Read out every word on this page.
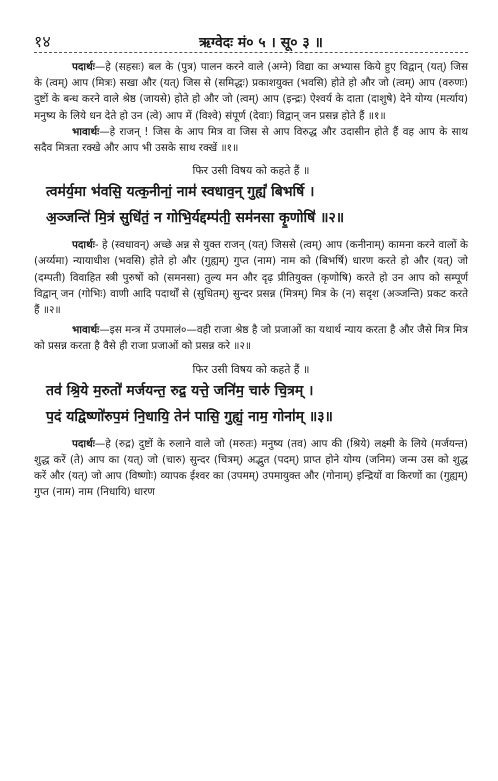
१४	ऋग्वेदः मं० ५ । सू० ३ ॥

पदार्थः—हे (सहसः) बल के (पुत्र) पालन करने वाले (अग्ने) विद्या का अभ्यास किये हुए विद्वान् (यत्) जिस के (त्वम्) आप (मित्रः) सखा और (यत्) जिस से (समिद्धः) प्रकाशयुक्त (भवसि) होते हो और जो (त्वम्) आप (वरुणः) दुष्टों के बन्ध करने वाले श्रेष्ठ (जायसे) होते हो और जो (त्वम्) आप (इन्द्रः) ऐश्वर्य के दाता (दाशुषे) देने योग्य (मर्त्याय) मनुष्य के लिये धन देते हो उन (त्वे) आप में (विश्वे) संपूर्ण (देवाः) विद्वान् जन प्रसन्न होते हैं ॥१॥

भावार्थः—हे राजन् ! जिस के आप मित्र वा जिस से आप विरुद्ध और उदासीन होते हैं वह आप के साथ सदैव मित्रता रक्खे और आप भी उसके साथ रक्खें ॥१॥

फिर उसी विषय को कहते हैं ॥
त्वम॑र्य॒मा भ॑वसि॒ यत्क॒नीनां॒ नाम॑ स्वधाव॒न् गुह्यं॑ बिभर्षि ।
अ॒ञ्जन्ति॑ मि॒त्रं सुधि॑तं॒ न गोभि॒र्यद्दम्प॑ती॒ सम॑नसा कृ॒णोषि॑ ॥२॥

पदार्थः- हे (स्वधावन्) अच्छे अन्न से युक्त राजन् (यत्) जिससे (त्वम्) आप (कनीनाम्) कामना करने वालों के (अर्य्यमा) न्यायाधीश (भवसि) होते हो और (गुह्यम्) गुप्त (नाम) नाम को (बिभर्षि) धारण करते हो और (यत्) जो (दम्पती) विवाहित स्त्री पुरुषों को (समनसा) तुल्य मन और दृढ़ प्रीतियुक्त (कृणोषि) करते हो उन आप को सम्पूर्ण विद्वान् जन (गोभिः) वाणी आदि पदार्थों से (सुधितम्) सुन्दर प्रसन्न (मित्रम्) मित्र के (न) सदृश (अञ्जन्ति) प्रकट करते हैं ॥२॥

भावार्थः—इस मन्त्र में उपमालं०—वही राजा श्रेष्ठ है जो प्रजाओं का यथार्थ न्याय करता है और जैसे मित्र मित्र को प्रसन्न करता है वैसे ही राजा प्रजाओं को प्रसन्न करे ॥२॥

फिर उसी विषय को कहते हैं ॥
तव॑ श्रि॒ये म॒रुतो॑ मर्जयन्त॒ रुद्र॒ यत्ते॒ जनि॑म॒ चारु॑ चि॒त्रम् ।
प॒दं यद्विष्णो॑रुप॒मं नि॒धायि॒ तेन॑ पासि॒ गुह्यं॒ नाम॒ गोना॑म् ॥३॥

पदार्थः—हे (रुद्र) दुष्टों के रुलाने वाले जो (मरुतः) मनुष्य (तव) आप की (श्रिये) लक्ष्मी के लिये (मर्जयन्त) शुद्ध करें (ते) आप का (यत्) जो (चारु) सुन्दर (चित्रम्) अद्भुत (पदम्) प्राप्त होने योग्य (जनिम) जन्म उस को शुद्ध करें और (यत्) जो आप (विष्णोः) व्यापक ईश्वर का (उपमम्) उपमायुक्त और (गोनाम्) इन्द्रियों वा किरणों का (गुह्यम्) गुप्त (नाम) नाम (निधायि) धारण
